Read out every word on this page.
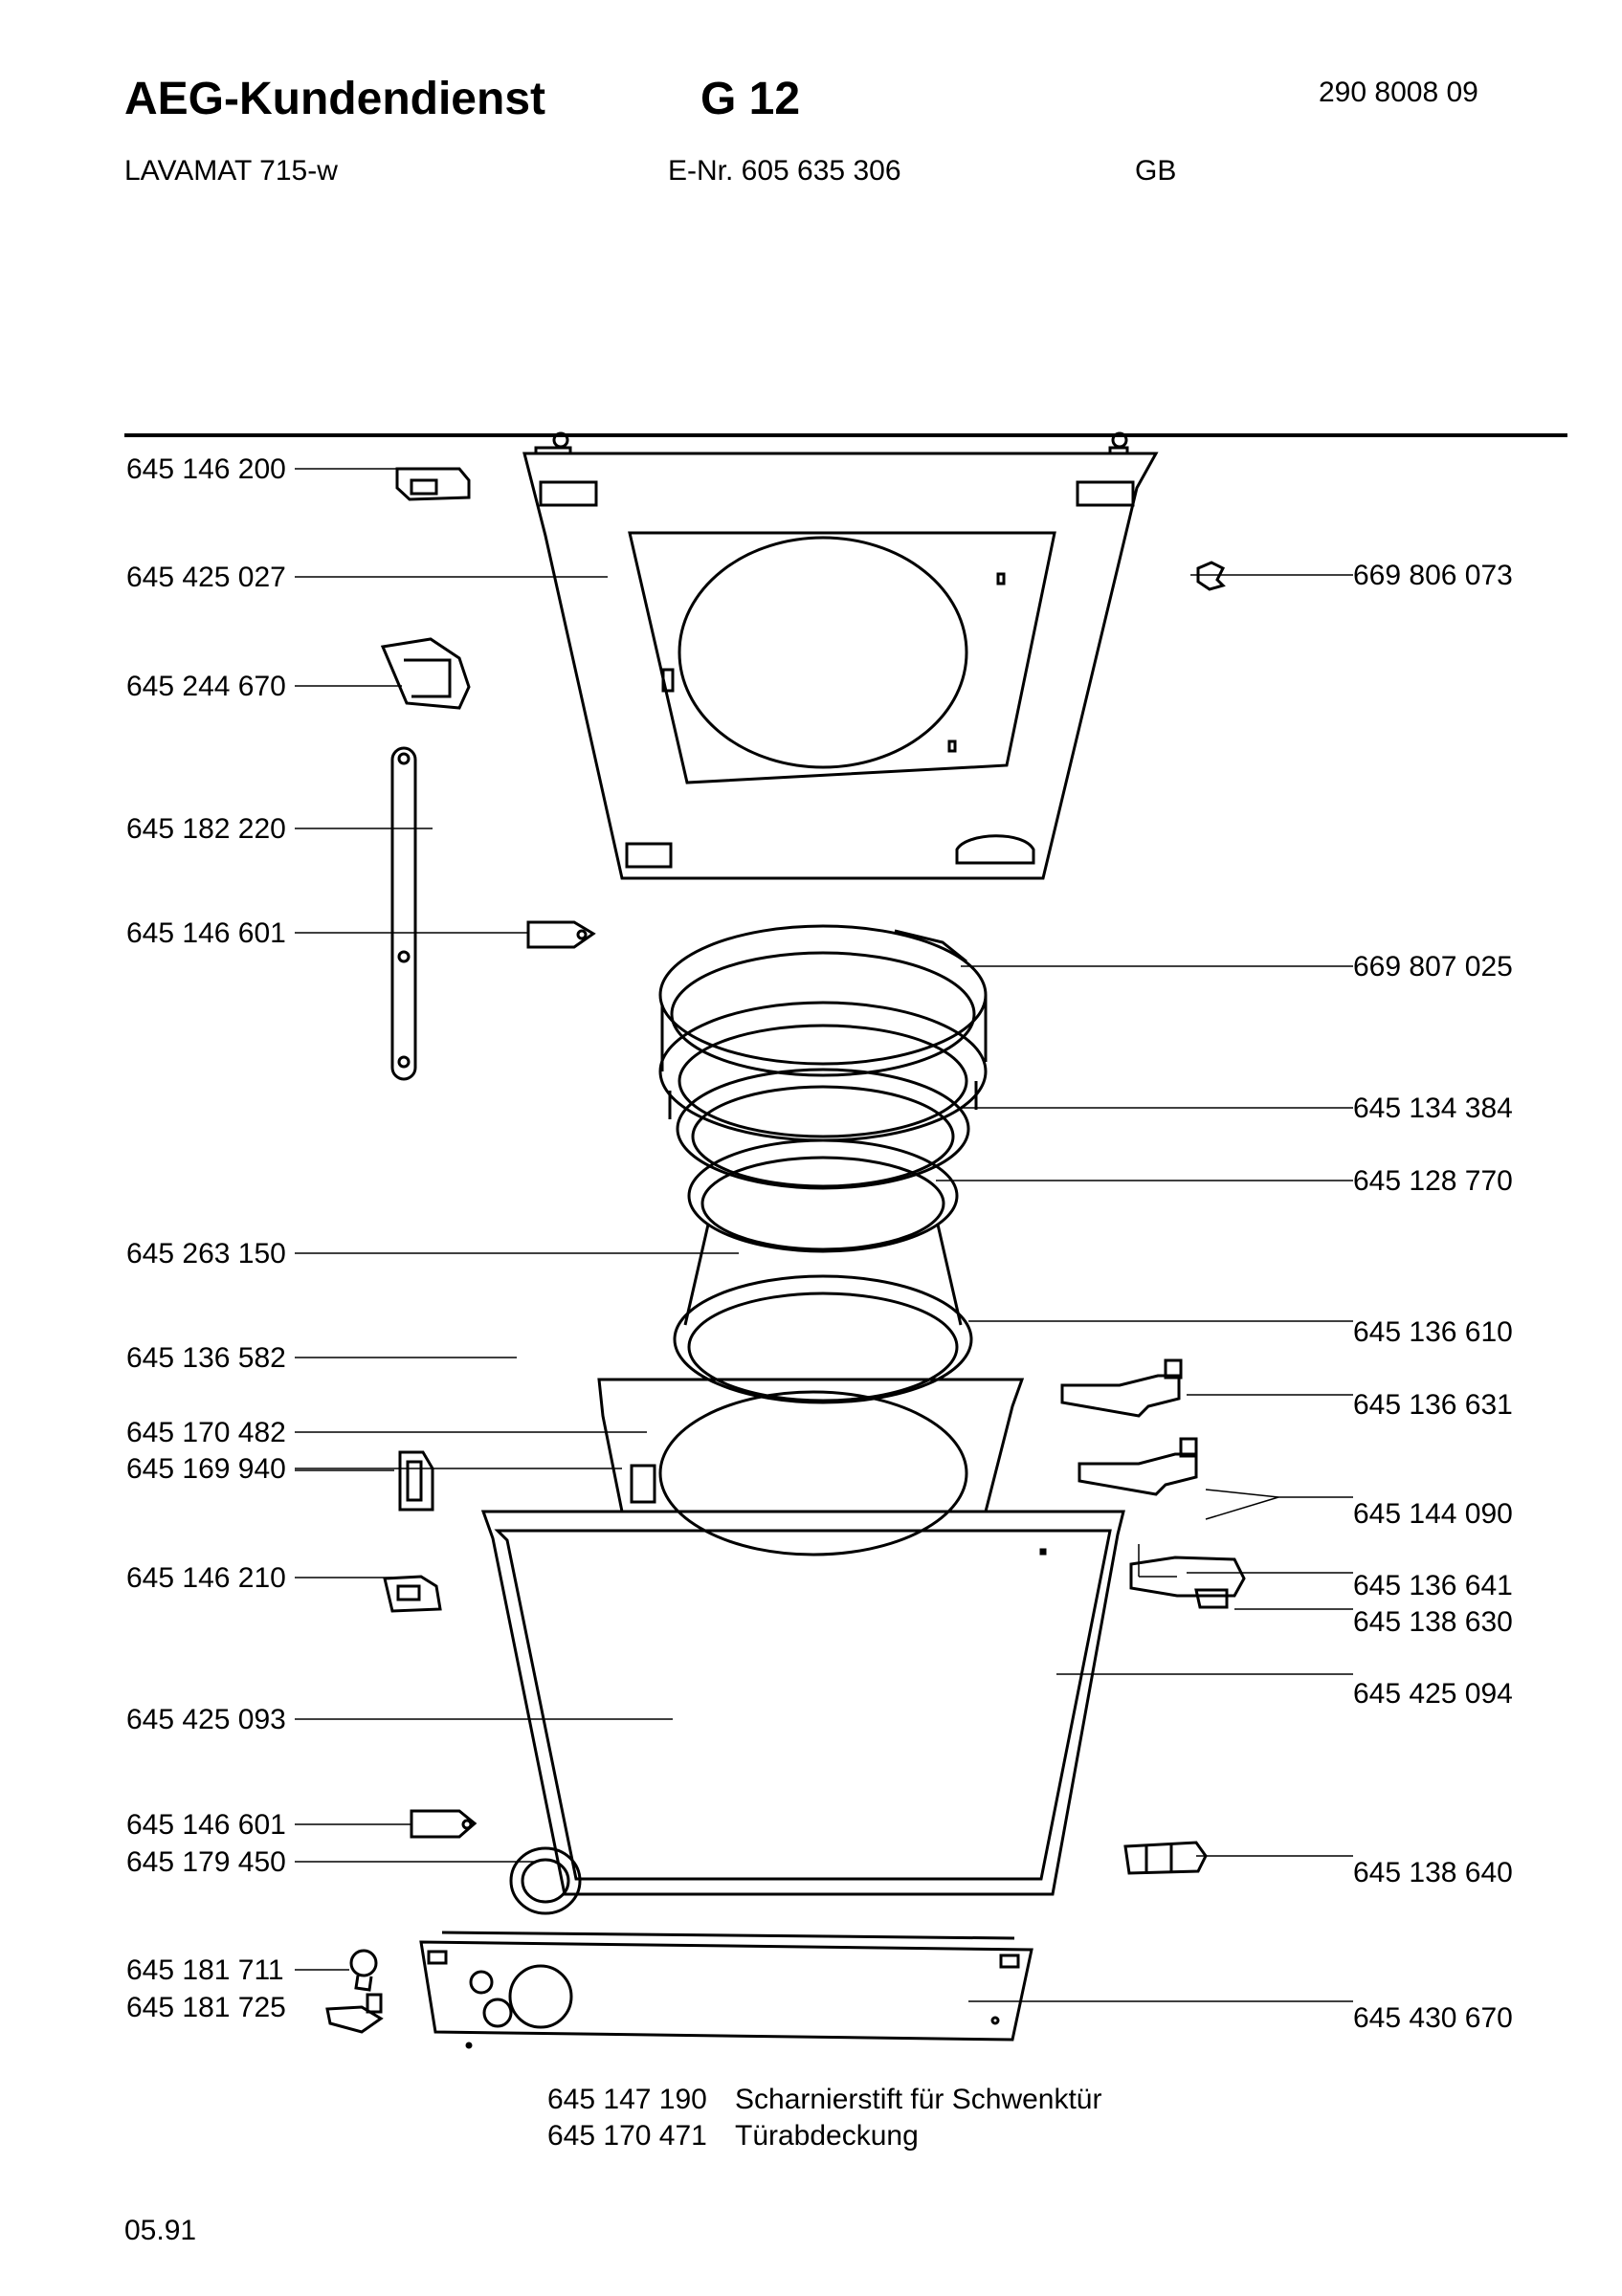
AEG-Kundendienst	G 12	290 8008 09
LAVAMAT 715-w	E-Nr. 605 635 306	GB
645 146 200
645 425 027
645 244 670
645 182 220
645 146 601
645 263 150
645 136 582
645 170 482
645 169 940
645 146 210
645 425 093
645 146 601
645 179 450
645 181 711
645 181 725
669 806 073
669 807 025
645 134 384
645 128 770
645 136 610
645 136 631
645 144 090
645 136 641
645 138 630
645 425 094
645 138 640
645 430 670
645 147 190 Scharnierstift für Schwenktür
645 170 471 Türabdeckung
05.91
